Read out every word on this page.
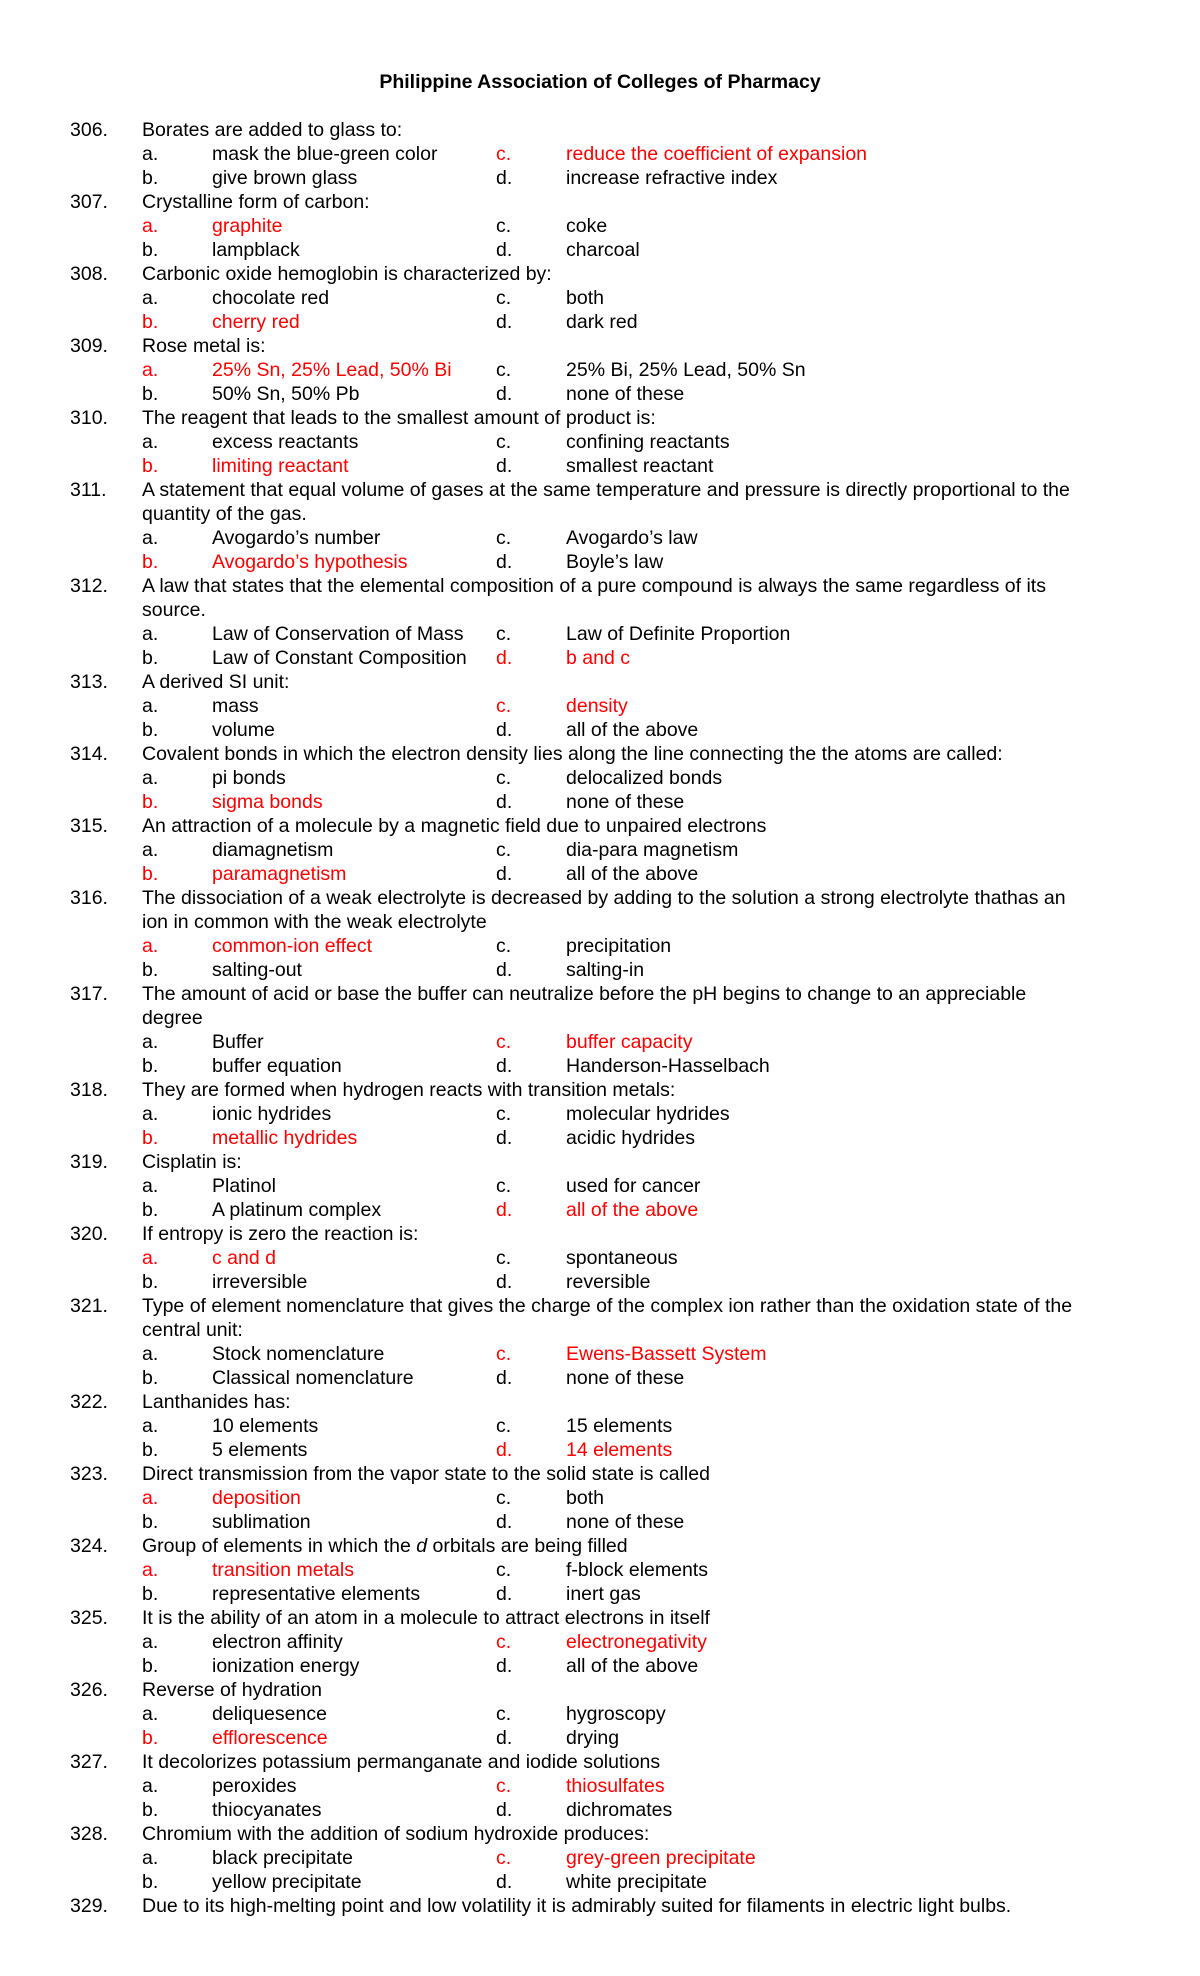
Philippine Association of Colleges of Pharmacy
306. Borates are added to glass to:
a.	mask the blue-green color	c.	reduce the coefficient of expansion
b.	give brown glass	d.	increase refractive index
307. Crystalline form of carbon:
a.	graphite	c.	coke
b.	lampblack	d.	charcoal
308. Carbonic oxide hemoglobin is characterized by:
a.	chocolate red	c.	both
b.	cherry red	d.	dark red
309. Rose metal is:
a.	25% Sn, 25% Lead, 50% Bi c.	25% Bi, 25% Lead, 50% Sn
b.	50% Sn, 50% Pb	d.	none of these
310. The reagent that leads to the smallest amount of product is:
a.	excess reactants	c.	confining reactants
b.	limiting reactant	d.	smallest reactant
311. A statement that equal volume of gases at the same temperature and pressure is directly proportional to the
quantity of the gas.
a.	Avogardo’s number	c.	Avogardo’s law
b.	Avogardo’s hypothesis	d.	Boyle’s law
312. A law that states that the elemental composition of a pure compound is always the same regardless of its
source.
a.	Law of Conservation of Mass c.	Law of Definite Proportion
b.	Law of Constant Composition d.	b and c
313. A derived SI unit:
a.	mass	c.	density
b.	volume	d.	all of the above
314. Covalent bonds in which the electron density lies along the line connecting the the atoms are called:
a.	pi bonds	c.	delocalized bonds
b.	sigma bonds	d.	none of these
315. An attraction of a molecule by a magnetic field due to unpaired electrons
a.	diamagnetism	c.	dia-para magnetism
b.	paramagnetism	d.	all of the above
316. The dissociation of a weak electrolyte is decreased by adding to the solution a strong electrolyte thathas an
ion in common with the weak electrolyte
a.	common-ion effect	c.	precipitation
b.	salting-out	d.	salting-in
317. The amount of acid or base the buffer can neutralize before the pH begins to change to an appreciable
degree
a.	Buffer	c.	buffer capacity
b.	buffer equation	d.	Handerson-Hasselbach
318. They are formed when hydrogen reacts with transition metals:
a.	ionic hydrides	c.	molecular hydrides
b.	metallic hydrides	d.	acidic hydrides
319. Cisplatin is:
a.	Platinol	c.	used for cancer
b.	A platinum complex	d.	all of the above
320. If entropy is zero the reaction is:
a.	c and d	c.	spontaneous
b.	irreversible	d.	reversible
321. Type of element nomenclature that gives the charge of the complex ion rather than the oxidation state of the
central unit:
a.	Stock nomenclature	c.	Ewens-Bassett System
b.	Classical nomenclature	d.	none of these
322. Lanthanides has:
a.	10 elements	c.	15 elements
b.	5 elements	d.	14 elements
323. Direct transmission from the vapor state to the solid state is called
a.	deposition	c.	both
b.	sublimation	d.	none of these
324. Group of elements in which the d orbitals are being filled
a.	transition metals	c.	f-block elements
b.	representative elements	d.	inert gas
325. It is the ability of an atom in a molecule to attract electrons in itself
a.	electron affinity	c.	electronegativity
b.	ionization energy	d.	all of the above
326. Reverse of hydration
a.	deliquesence	c.	hygroscopy
b.	efflorescence	d.	drying
327. It decolorizes potassium permanganate and iodide solutions
a.	peroxides	c.	thiosulfates
b.	thiocyanates	d.	dichromates
328. Chromium with the addition of sodium hydroxide produces:
a.	black precipitate	c.	grey-green precipitate
b.	yellow precipitate	d.	white precipitate
329. Due to its high-melting point and low volatility it is admirably suited for filaments in electric light bulbs.
